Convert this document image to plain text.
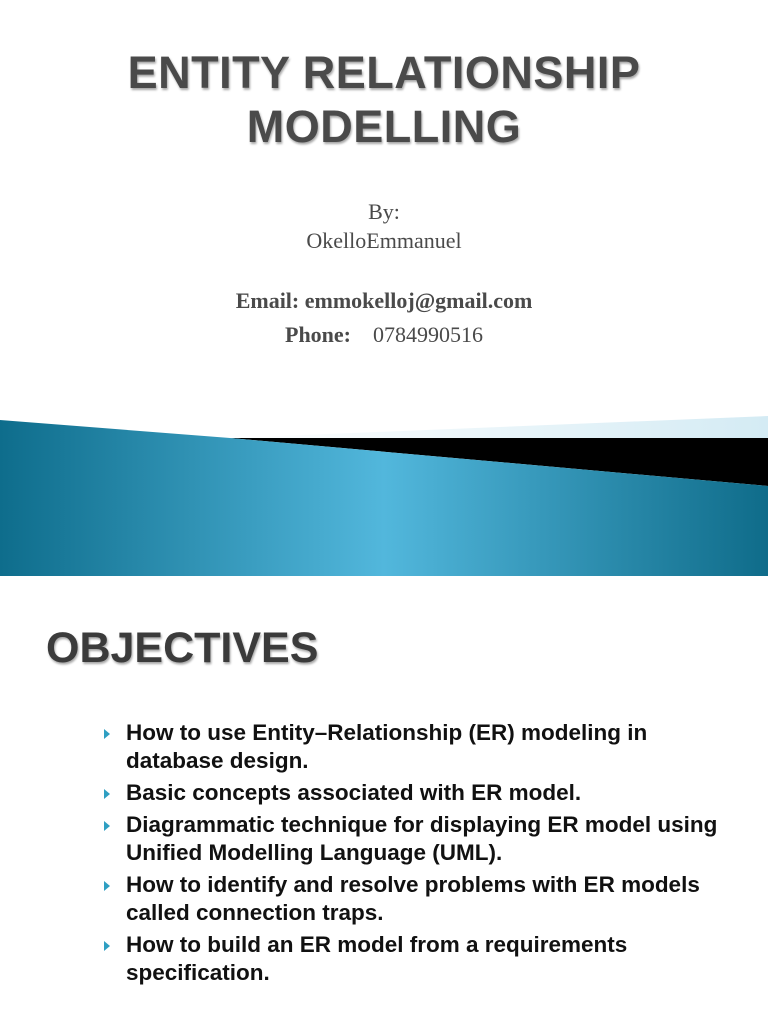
ENTITY RELATIONSHIP
MODELLING
By:
OkelloEmmanuel
Email: emmokelloj@gmail.com
Phone: 0784990516
OBJECTIVES
How to use Entity–Relationship (ER) modeling in database design.
Basic concepts associated with ER model.
Diagrammatic technique for displaying ER model using Unified Modelling Language (UML).
How to identify and resolve problems with ER models called connection traps.
How to build an ER model from a requirements specification.
